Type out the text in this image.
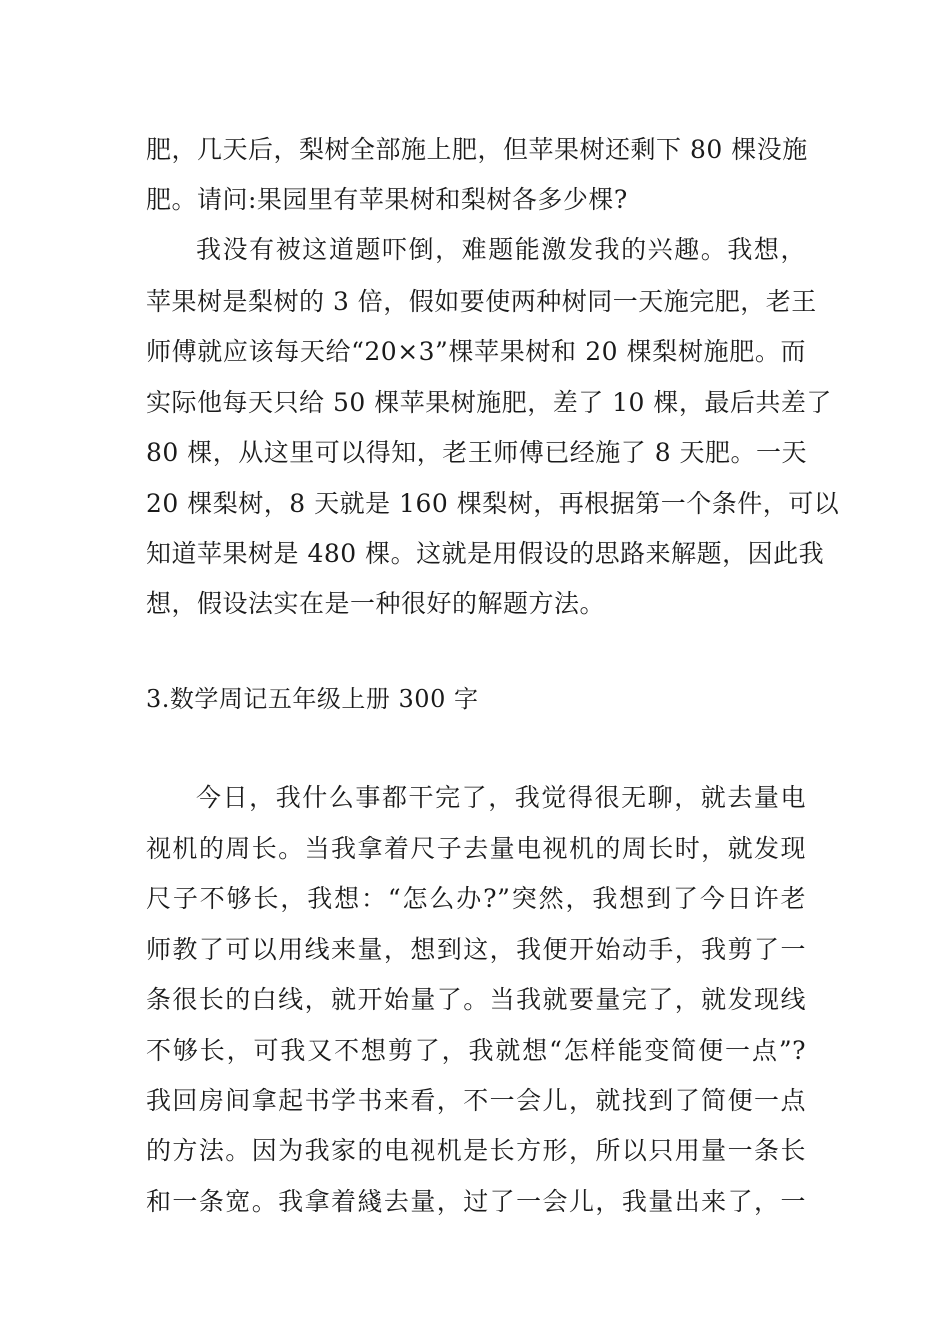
肥，几天后，梨树全部施上肥，但苹果树还剩下 80 棵没施
肥。请问:果园里有苹果树和梨树各多少棵?
我没有被这道题吓倒，难题能激发我的兴趣。我想，
苹果树是梨树的 3 倍，假如要使两种树同一天施完肥，老王
师傅就应该每天给“20×3”棵苹果树和 20 棵梨树施肥。而
实际他每天只给 50 棵苹果树施肥，差了 10 棵，最后共差了
80 棵，从这里可以得知，老王师傅已经施了 8 天肥。一天
20 棵梨树，8 天就是 160 棵梨树，再根据第一个条件，可以
知道苹果树是 480 棵。这就是用假设的思路来解题，因此我
想，假设法实在是一种很好的解题方法。
3.数学周记五年级上册 300 字
今日，我什么事都干完了，我觉得很无聊，就去量电
视机的周长。当我拿着尺子去量电视机的周长时，就发现
尺子不够长，我想：“怎么办?”突然，我想到了今日许老
师教了可以用线来量，想到这，我便开始动手，我剪了一
条很长的白线，就开始量了。当我就要量完了，就发现线
不够长，可我又不想剪了，我就想“怎样能变简便一点”?
我回房间拿起书学书来看，不一会儿，就找到了简便一点
的方法。因为我家的电视机是长方形，所以只用量一条长
和一条宽。我拿着綫去量，过了一会儿，我量出来了，一
